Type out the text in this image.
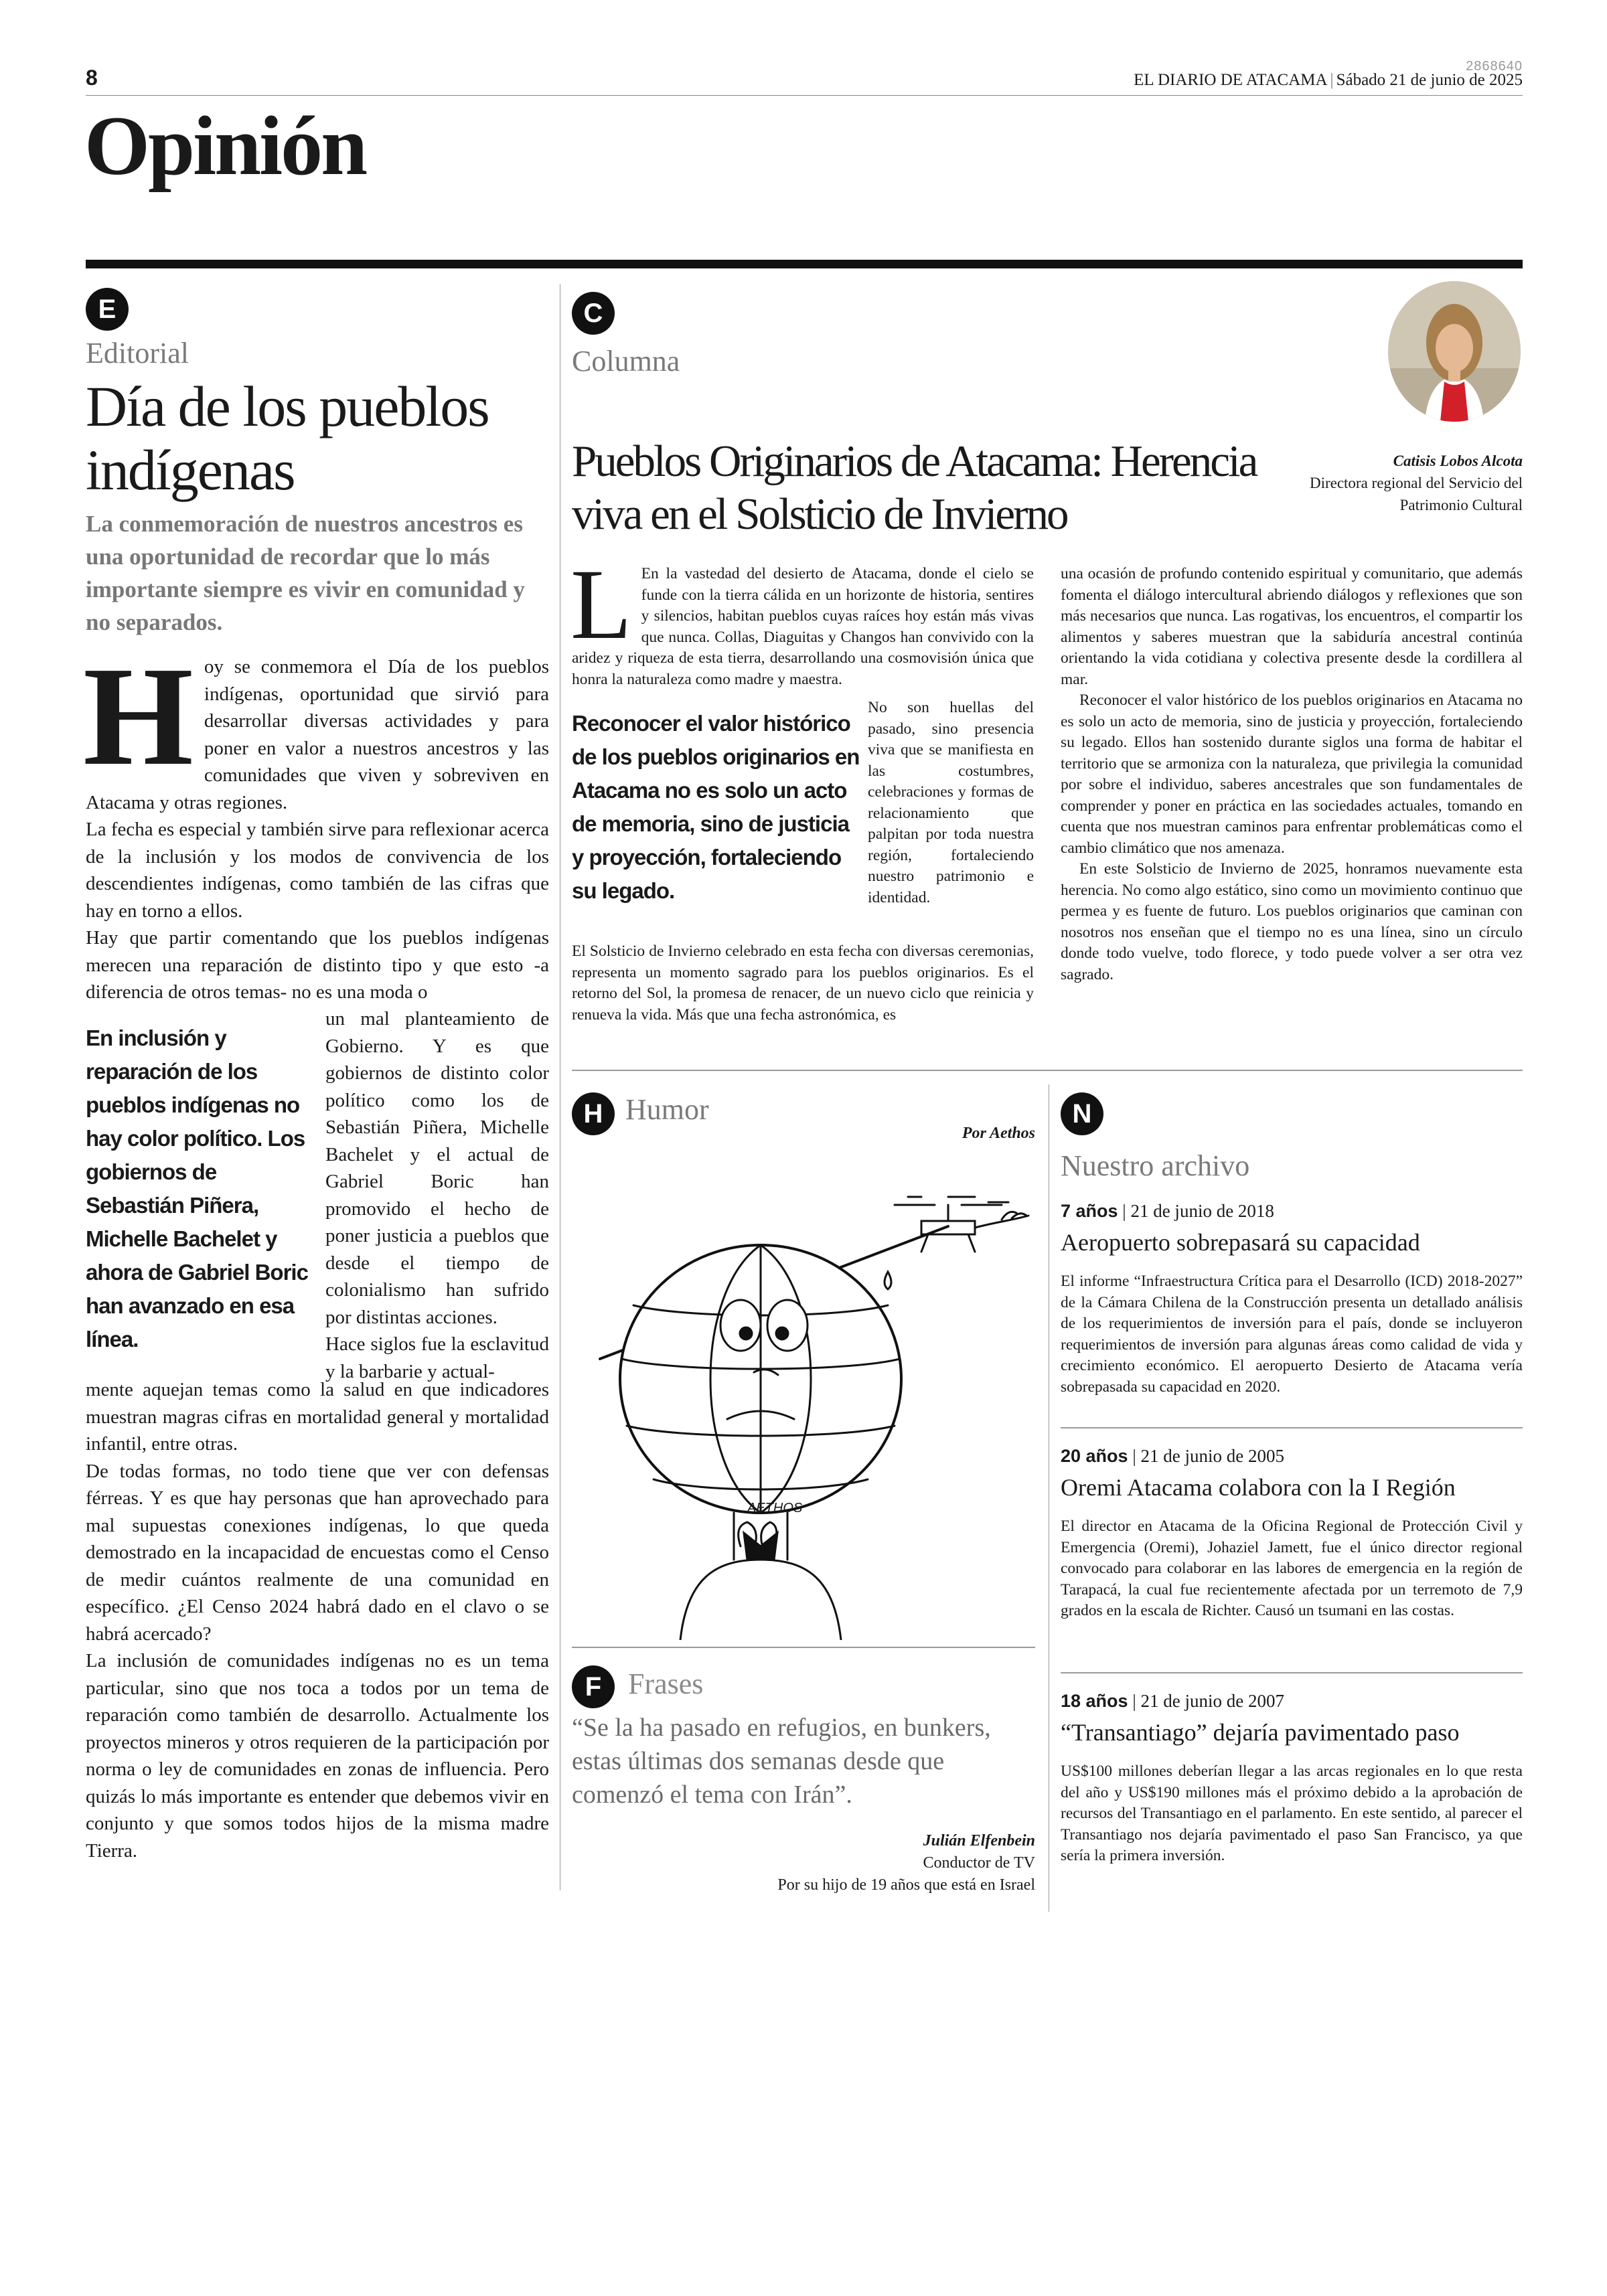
8	2868640
EL DIARIO DE ATACAMA | Sábado 21 de junio de 2025
Opinión
E
Editorial
Día de los pueblos indígenas
La conmemoración de nuestros ancestros es una oportunidad de recordar que lo más importante siempre es vivir en comunidad y no separados.

Hoy se conmemora el Día de los pueblos indígenas, oportunidad que sirvió para desarrollar diversas actividades y para poner en valor a nuestros ancestros y las comunidades que viven y sobreviven en Atacama y otras regiones.

La fecha es especial y también sirve para reflexionar acerca de la inclusión y los modos de convivencia de los descendientes indígenas, como también de las cifras que hay en torno a ellos.

Hay que partir comentando que los pueblos indígenas merecen una reparación de distinto tipo y que esto -a diferencia de otros temas- no es una moda o

En inclusión y reparación de los pueblos indígenas no hay color político. Los gobiernos de Sebastián Piñera, Michelle Bachelet y ahora de Gabriel Boric han avanzado en esa línea.

un mal planteamiento de Gobierno. Y es que gobiernos de distinto color político como los de Sebastián Piñera, Michelle Bachelet y el actual de Gabriel Boric han promovido el hecho de poner justicia a pueblos que desde el tiempo de colonialismo han sufrido por distintas acciones.

Hace siglos fue la esclavitud y la barbarie y actual-

mente aquejan temas como la salud en que indicadores muestran magras cifras en mortalidad general y mortalidad infantil, entre otras.

De todas formas, no todo tiene que ver con defensas férreas. Y es que hay personas que han aprovechado para mal supuestas conexiones indígenas, lo que queda demostrado en la incapacidad de encuestas como el Censo de medir cuántos realmente de una comunidad en específico. ¿El Censo 2024 habrá dado en el clavo o se habrá acercado?

La inclusión de comunidades indígenas no es un tema particular, sino que nos toca a todos por un tema de reparación como también de desarrollo. Actualmente los proyectos mineros y otros requieren de la participación por norma o ley de comunidades en zonas de influencia. Pero quizás lo más importante es entender que debemos vivir en conjunto y que somos todos hijos de la misma madre Tierra.

C
Columna
Pueblos Originarios de Atacama: Herencia viva en el Solsticio de Invierno
Catisis Lobos Alcota
Directora regional del Servicio del Patrimonio Cultural

L En la vastedad del desierto de Atacama, donde el cielo se funde con la tierra cálida en un horizonte de historia, sentires y silencios, habitan pueblos cuyas raíces hoy están más vivas que nunca. Collas, Diaguitas y Changos han convivido con la aridez y riqueza de esta tierra, desarrollando una cosmovisión única que honra la naturaleza como madre y maestra.

Reconocer el valor histórico de los pueblos originarios en Atacama no es solo un acto de memoria, sino de justicia y proyección, fortaleciendo su legado.

No son huellas del pasado, sino presencia viva que se manifiesta en las costumbres, celebraciones y formas de relacionamiento que palpitan por toda nuestra región, fortaleciendo nuestro patrimonio e identidad.

El Solsticio de Invierno celebrado en esta fecha con diversas ceremonias, representa un momento sagrado para los pueblos originarios. Es el retorno del Sol, la promesa de renacer, de un nuevo ciclo que reinicia y renueva la vida. Más que una fecha astronómica, es

una ocasión de profundo contenido espiritual y comunitario, que además fomenta el diálogo intercultural abriendo diálogos y reflexiones que son más necesarios que nunca. Las rogativas, los encuentros, el compartir los alimentos y saberes muestran que la sabiduría ancestral continúa orientando la vida cotidiana y colectiva presente desde la cordillera al mar.

Reconocer el valor histórico de los pueblos originarios en Atacama no es solo un acto de memoria, sino de justicia y proyección, fortaleciendo su legado. Ellos han sostenido durante siglos una forma de habitar el territorio que se armoniza con la naturaleza, que privilegia la comunidad por sobre el individuo, saberes ancestrales que son fundamentales de comprender y poner en práctica en las sociedades actuales, tomando en cuenta que nos muestran caminos para enfrentar problemáticas como el cambio climático que nos amenaza.

En este Solsticio de Invierno de 2025, honramos nuevamente esta herencia. No como algo estático, sino como un movimiento continuo que permea y es fuente de futuro. Los pueblos originarios que caminan con nosotros nos enseñan que el tiempo no es una línea, sino un círculo donde todo vuelve, todo florece, y todo puede volver a ser otra vez sagrado.

H Humor
Por Aethos
AETHOS
F Frases
“Se la ha pasado en refugios, en bunkers, estas últimas dos semanas desde que comenzó el tema con Irán”.
Julián Elfenbein
Conductor de TV
Por su hijo de 19 años que está en Israel
N
Nuestro archivo
7 años | 21 de junio de 2018
Aeropuerto sobrepasará su capacidad
El informe “Infraestructura Crítica para el Desarrollo (ICD) 2018-2027” de la Cámara Chilena de la Construcción presenta un detallado análisis de los requerimientos de inversión para el país, donde se incluyeron requerimientos de inversión para algunas áreas como calidad de vida y crecimiento económico. El aeropuerto Desierto de Atacama vería sobrepasada su capacidad en 2020.
20 años | 21 de junio de 2005
Oremi Atacama colabora con la I Región
El director en Atacama de la Oficina Regional de Protección Civil y Emergencia (Oremi), Johaziel Jamett, fue el único director regional convocado para colaborar en las labores de emergencia en la región de Tarapacá, la cual fue recientemente afectada por un terremoto de 7,9 grados en la escala de Richter. Causó un tsumani en las costas.
18 años | 21 de junio de 2007
“Transantiago” dejaría pavimentado paso
US$100 millones deberían llegar a las arcas regionales en lo que resta del año y US$190 millones más el próximo debido a la aprobación de recursos del Transantiago en el parlamento. En este sentido, al parecer el Transantiago nos dejaría pavimentado el paso San Francisco, ya que sería la primera inversión.
